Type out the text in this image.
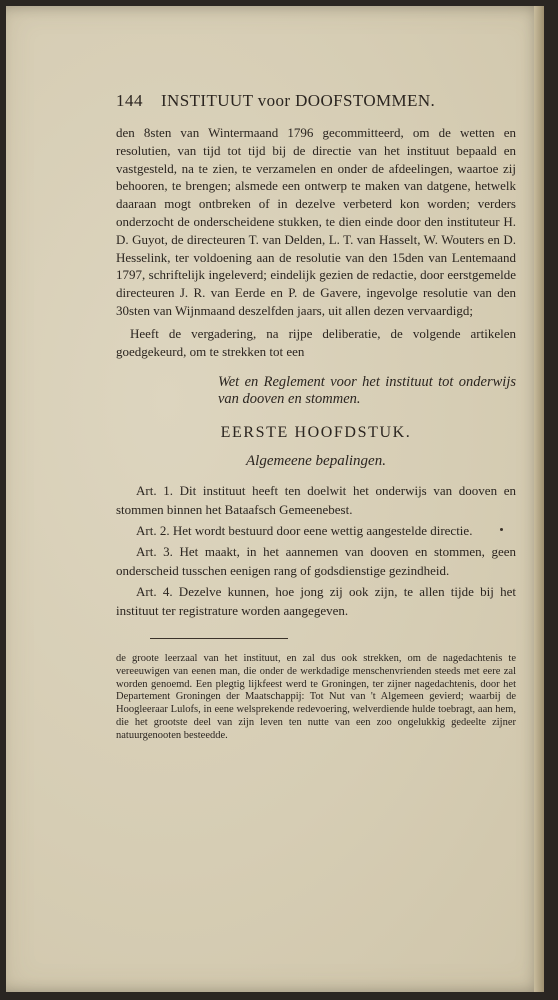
144 INSTITUUT voor DOOFSTOMMEN.

den 8sten van Wintermaand 1796 gecommitteerd, om de wetten en resolutien, van tijd tot tijd bij de directie van het instituut bepaald en vastgesteld, na te zien, te verzamelen en onder de afdeelingen, waartoe zij behooren, te brengen; alsmede een ontwerp te maken van datgene, hetwelk daaraan mogt ontbreken of in dezelve verbeterd kon worden; verders onderzocht de onderscheidene stukken, te dien einde door den instituteur H. D. Guyot, de directeuren T. van Delden, L. T. van Hasselt, W. Wouters en D. Hesselink, ter voldoening aan de resolutie van den 15den van Lentemaand 1797, schriftelijk ingeleverd; eindelijk gezien de redactie, door eerstgemelde directeuren J. R. van Eerde en P. de Gavere, ingevolge resolutie van den 30sten van Wijnmaand deszelfden jaars, uit allen dezen vervaardigd;

Heeft de vergadering, na rijpe deliberatie, de volgende artikelen goedgekeurd, om te strekken tot een

Wet en Reglement voor het instituut tot onderwijs van dooven en stommen.
EERSTE HOOFDSTUK.
Algemeene bepalingen.

Art. 1. Dit instituut heeft ten doelwit het onderwijs van dooven en stommen binnen het Bataafsch Gemeenebest.

Art. 2. Het wordt bestuurd door eene wettig aangestelde directie.

Art. 3. Het maakt, in het aannemen van dooven en stommen, geen onderscheid tusschen eenigen rang of godsdienstige gezindheid.

Art. 4. Dezelve kunnen, hoe jong zij ook zijn, te allen tijde bij het instituut ter registrature worden aangegeven.

de groote leerzaal van het instituut, en zal dus ook strekken, om de nagedachtenis te vereeuwigen van eenen man, die onder de werkdadige menschenvrienden steeds met eere zal worden genoemd. Een plegtig lijkfeest werd te Groningen, ter zijner nagedachtenis, door het Departement Groningen der Maatschappij: Tot Nut van 't Algemeen gevierd; waarbij de Hoogleeraar Lulofs, in eene welsprekende redevoering, welverdiende hulde toebragt, aan hem, die het grootste deel van zijn leven ten nutte van een zoo ongelukkig gedeelte zijner natuurgenooten besteedde.
